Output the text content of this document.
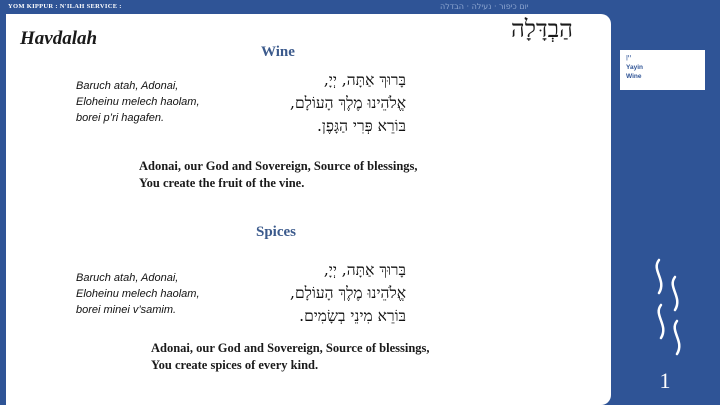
YOM KIPPUR : N'ILAH SERVICE :	יום כיפור · נעילה · הבדלה
Havdalah	הַבְדָּלָה
Wine
Baruch atah, Adonai,
Eloheinu melech haolam,
borei p’ri hagafen.
בָּרוּךְ אַתָּה, יְיָ,
אֱלֹהֵינוּ מֶלֶךְ הָעוֹלָם,
בּוֹרֵא פְּרִי הַגָּפֶן.
Adonai, our God and Sovereign, Source of blessings,
You create the fruit of the vine.
Spices
Baruch atah, Adonai,
Eloheinu melech haolam,
borei minei v’samim.
בָּרוּךְ אַתָּה, יְיָ,
אֱלֹהֵינוּ מֶלֶךְ הָעוֹלָם,
בּוֹרֵא מִינֵי בְשָׂמִים.
Adonai, our God and Sovereign, Source of blessings,
You create spices of every kind.
יין
Yayin
Wine
1
